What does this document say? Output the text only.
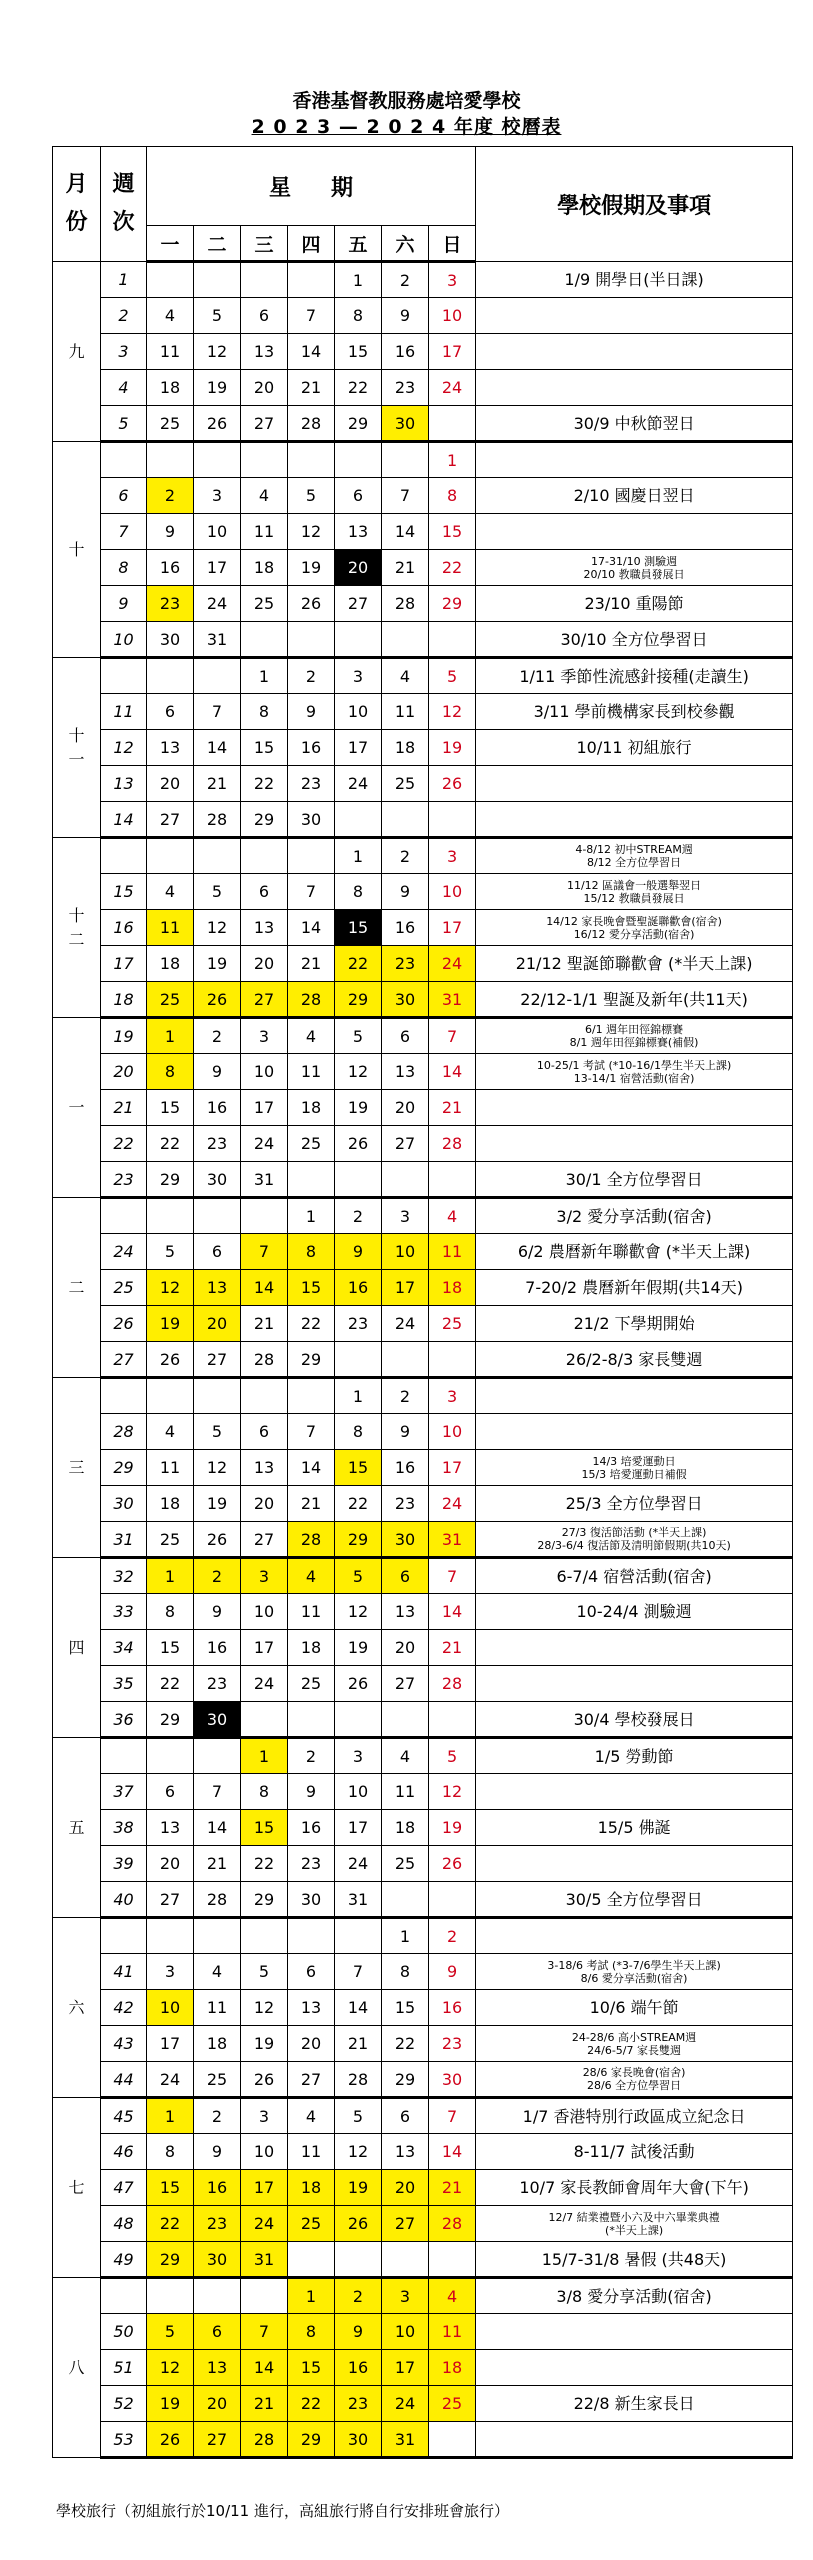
香港基督教服務處培愛學校
2 0 2 3 — 2 0 2 4 年度 校曆表
月份	週次	星期							學校假期及事項
		一	二	三	四	五	六	日	
九	1					1	2	3	1/9 開學日(半日課)

	2	4	5	6	7	8	9	10	
	3	11	12	13	14	15	16	17	
	4	18	19	20	21	22	23	24	
	5	25	26	27	28	29	30		30/9 中秋節翌日

十								1	
	6	2	3	4	5	6	7	8	2/10 國慶日翌日

	7	9	10	11	12	13	14	15	
	8	16	17	18	19	20	21	22	17-31/10 測驗週
20/10 教職員發展日

	9	23	24	25	26	27	28	29	23/10 重陽節

	10	30	31						30/10 全方位學習日

十一				1	2	3	4	5	1/11 季節性流感針接種(走讀生)

	11	6	7	8	9	10	11	12	3/11 學前機構家長到校參觀

	12	13	14	15	16	17	18	19	10/11 初組旅行

	13	20	21	22	23	24	25	26	
	14	27	28	29	30				
十二						1	2	3	4-8/12 初中STREAM週
8/12 全方位學習日

	15	4	5	6	7	8	9	10	11/12 區議會一般選舉翌日
15/12 教職員發展日

	16	11	12	13	14	15	16	17	14/12 家長晚會暨聖誕聯歡會(宿舍)
16/12 愛分享活動(宿舍)

	17	18	19	20	21	22	23	24	21/12 聖誕節聯歡會 (*半天上課)

	18	25	26	27	28	29	30	31	22/12-1/1 聖誕及新年(共11天)

一	19	1	2	3	4	5	6	7	6/1 週年田徑錦標賽
8/1 週年田徑錦標賽(補假)

	20	8	9	10	11	12	13	14	10-25/1 考試 (*10-16/1學生半天上課)
13-14/1 宿營活動(宿舍)

	21	15	16	17	18	19	20	21	
	22	22	23	24	25	26	27	28	
	23	29	30	31					30/1 全方位學習日

二					1	2	3	4	3/2 愛分享活動(宿舍)

	24	5	6	7	8	9	10	11	6/2 農曆新年聯歡會 (*半天上課)

	25	12	13	14	15	16	17	18	7-20/2 農曆新年假期(共14天)

	26	19	20	21	22	23	24	25	21/2 下學期開始

	27	26	27	28	29				26/2-8/3 家長雙週

三						1	2	3	
	28	4	5	6	7	8	9	10	
	29	11	12	13	14	15	16	17	14/3 培愛運動日
15/3 培愛運動日補假

	30	18	19	20	21	22	23	24	25/3 全方位學習日

	31	25	26	27	28	29	30	31	27/3 復活節活動 (*半天上課)
28/3-6/4 復活節及清明節假期(共10天)

四	32	1	2	3	4	5	6	7	6-7/4 宿營活動(宿舍)

	33	8	9	10	11	12	13	14	10-24/4 測驗週

	34	15	16	17	18	19	20	21	
	35	22	23	24	25	26	27	28	
	36	29	30						30/4 學校發展日

五				1	2	3	4	5	1/5 勞動節

	37	6	7	8	9	10	11	12	
	38	13	14	15	16	17	18	19	15/5 佛誕

	39	20	21	22	23	24	25	26	
	40	27	28	29	30	31			30/5 全方位學習日

六							1	2	
	41	3	4	5	6	7	8	9	3-18/6 考試 (*3-7/6學生半天上課)
8/6 愛分享活動(宿舍)

	42	10	11	12	13	14	15	16	10/6 端午節

	43	17	18	19	20	21	22	23	24-28/6 高小STREAM週
24/6-5/7 家長雙週

	44	24	25	26	27	28	29	30	28/6 家長晚會(宿舍)
28/6 全方位學習日

七	45	1	2	3	4	5	6	7	1/7 香港特別行政區成立紀念日

	46	8	9	10	11	12	13	14	8-11/7 試後活動

	47	15	16	17	18	19	20	21	10/7 家長教師會周年大會(下午)

	48	22	23	24	25	26	27	28	12/7 結業禮暨小六及中六畢業典禮
(*半天上課)

	49	29	30	31					15/7-31/8 暑假 (共48天)

八					1	2	3	4	3/8 愛分享活動(宿舍)

	50	5	6	7	8	9	10	11	
	51	12	13	14	15	16	17	18	
	52	19	20	21	22	23	24	25	22/8 新生家長日

	53	26	27	28	29	30	31		
學校旅行（初組旅行於10/11 進行，高組旅行將自行安排班會旅行）
